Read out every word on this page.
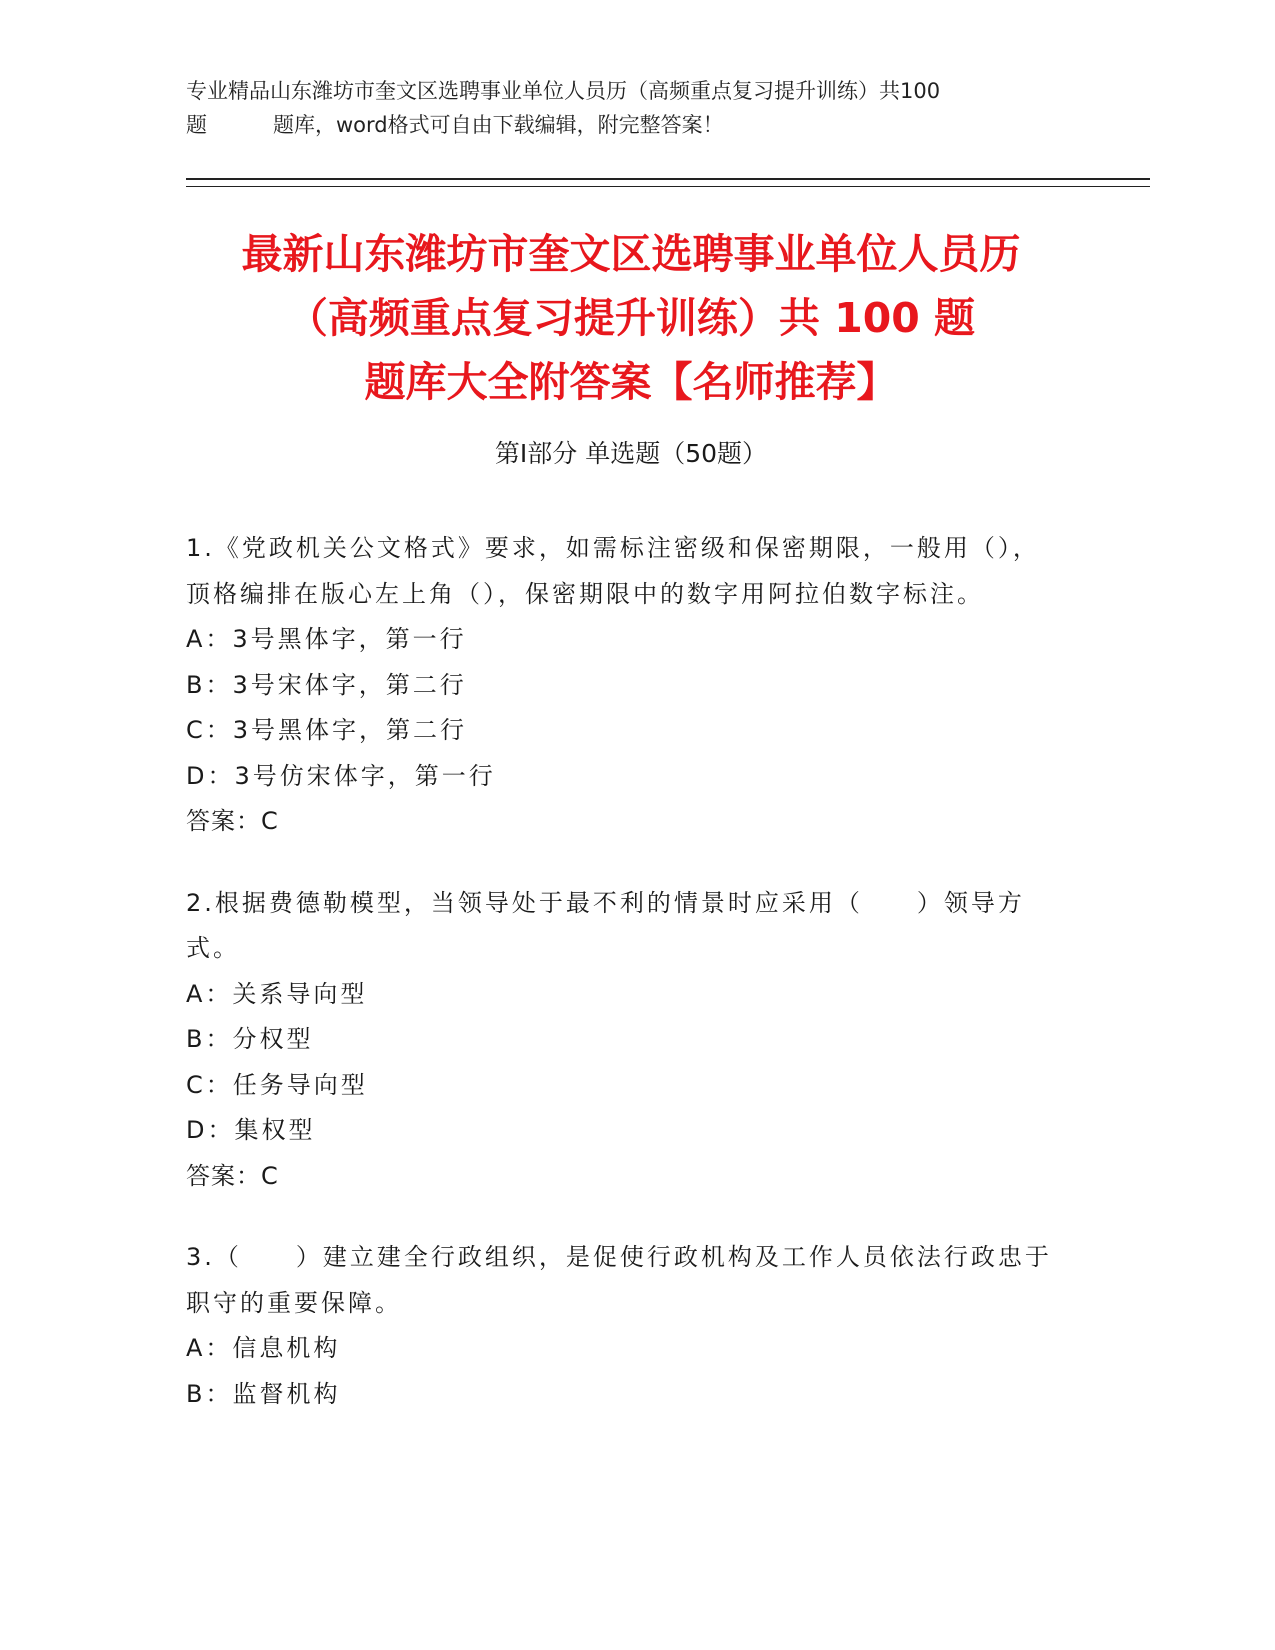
专业精品山东潍坊市奎文区选聘事业单位人员历（高频重点复习提升训练）共100
题	题库，word格式可自由下载编辑，附完整答案！
最新山东潍坊市奎文区选聘事业单位人员历
（高频重点复习提升训练）共 100 题
题库大全附答案【名师推荐】
第Ⅰ部分 单选题（50题）

1.《党政机关公文格式》要求，如需标注密级和保密期限，一般用（），顶格编排在版心左上角（），保密期限中的数字用阿拉伯数字标注。

A：3号黑体字，第一行

B：3号宋体字，第二行

C：3号黑体字，第二行

D：3号仿宋体字，第一行

答案：C

2.根据费德勒模型，当领导处于最不利的情景时应采用（　　）领导方式。

A：关系导向型

B：分权型

C：任务导向型

D：集权型

答案：C

3.（　　）建立建全行政组织，是促使行政机构及工作人员依法行政忠于职守的重要保障。

A：信息机构

B：监督机构
